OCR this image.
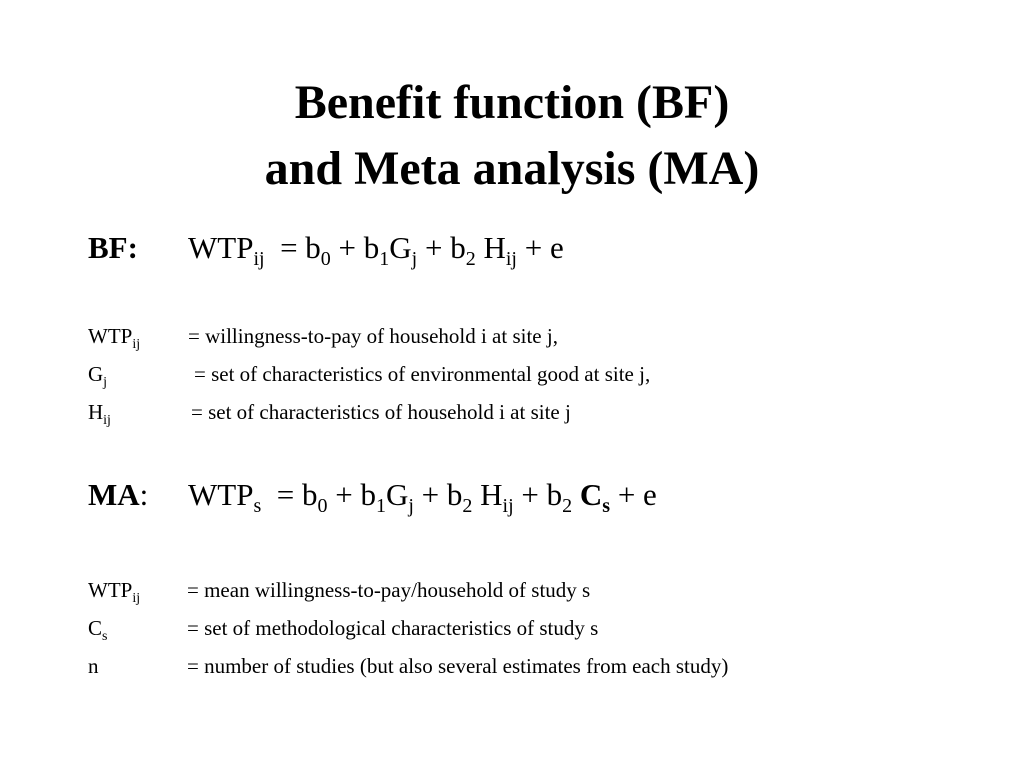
Benefit function (BF)
and Meta analysis (MA)
BF: $WTP_{ij} = b_0 + b_1G_j + b_2$ $H_{ij} + e$
$WTP_{ij}$ = willingness-to-pay of household i at site j,
$G_j$	= set of characteristics of environmental good at site j,
$H_{ij}$	= set of characteristics of household i at site j
MA: $WTP_s = b_0 + b_1G_j + b_2$ $H_{ij} + b_2$ $C_s + e$
$WTP_{ij}$ = mean willingness-to-pay/household of study s
$C_s$	= set of methodological characteristics of study s
n	= number of studies (but also several estimates from each study)
